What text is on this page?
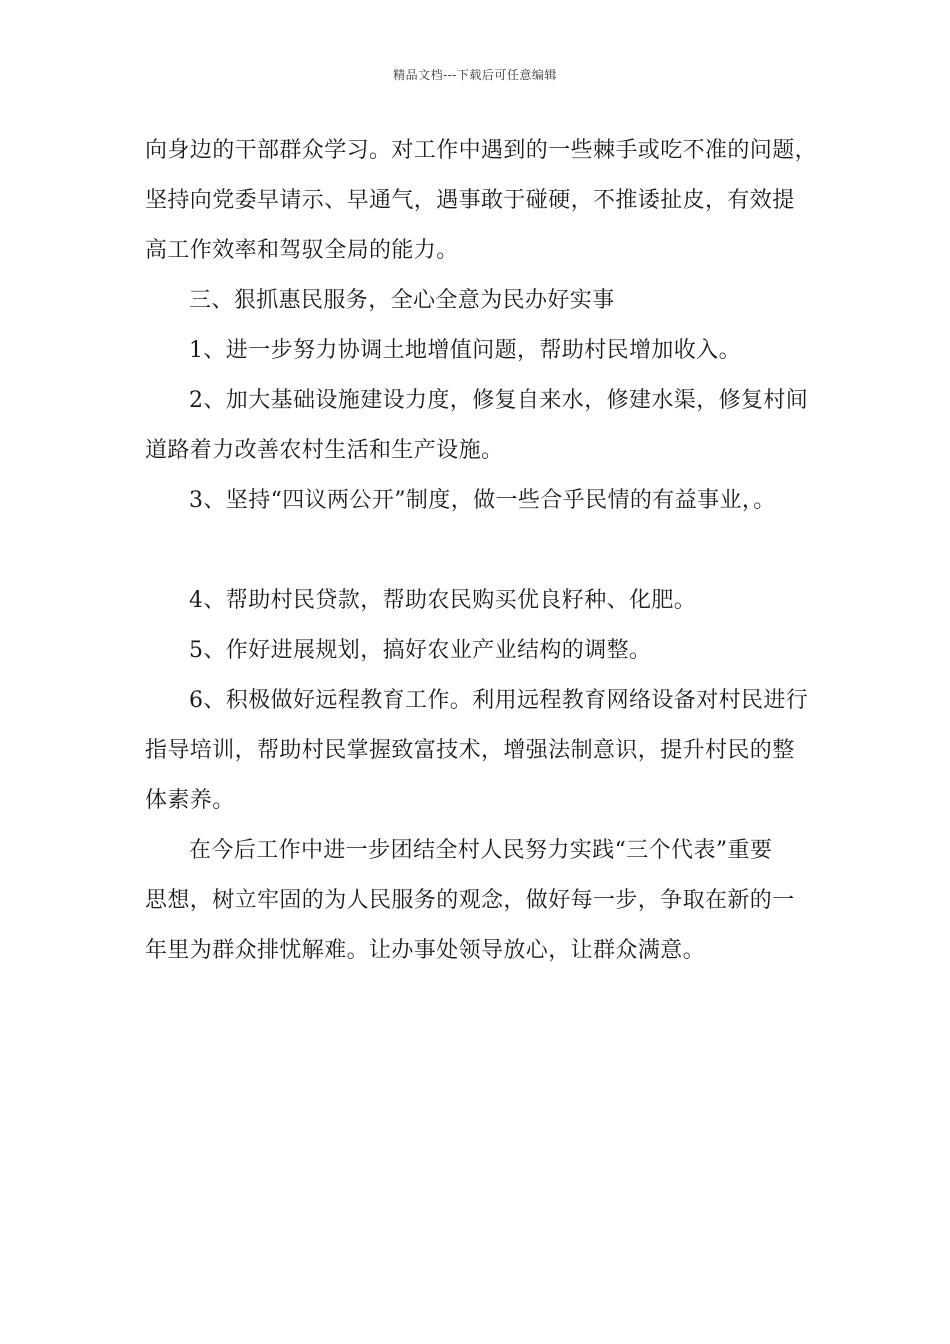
精品文档---下载后可任意编辑
向身边的干部群众学习。对工作中遇到的一些棘手或吃不准的问题，
坚持向党委早请示、早通气，遇事敢于碰硬，不推诿扯皮，有效提
高工作效率和驾驭全局的能力。
三、狠抓惠民服务，全心全意为民办好实事
1、进一步努力协调土地增值问题，帮助村民增加收入。
2、加大基础设施建设力度，修复自来水，修建水渠，修复村间
道路着力改善农村生活和生产设施。
3、坚持“四议两公开”制度，做一些合乎民情的有益事业，。
4、帮助村民贷款，帮助农民购买优良籽种、化肥。
5、作好进展规划，搞好农业产业结构的调整。
6、积极做好远程教育工作。利用远程教育网络设备对村民进行
指导培训，帮助村民掌握致富技术，增强法制意识，提升村民的整
体素养。
在今后工作中进一步团结全村人民努力实践“三个代表”重要
思想，树立牢固的为人民服务的观念，做好每一步，争取在新的一
年里为群众排忧解难。让办事处领导放心，让群众满意。
